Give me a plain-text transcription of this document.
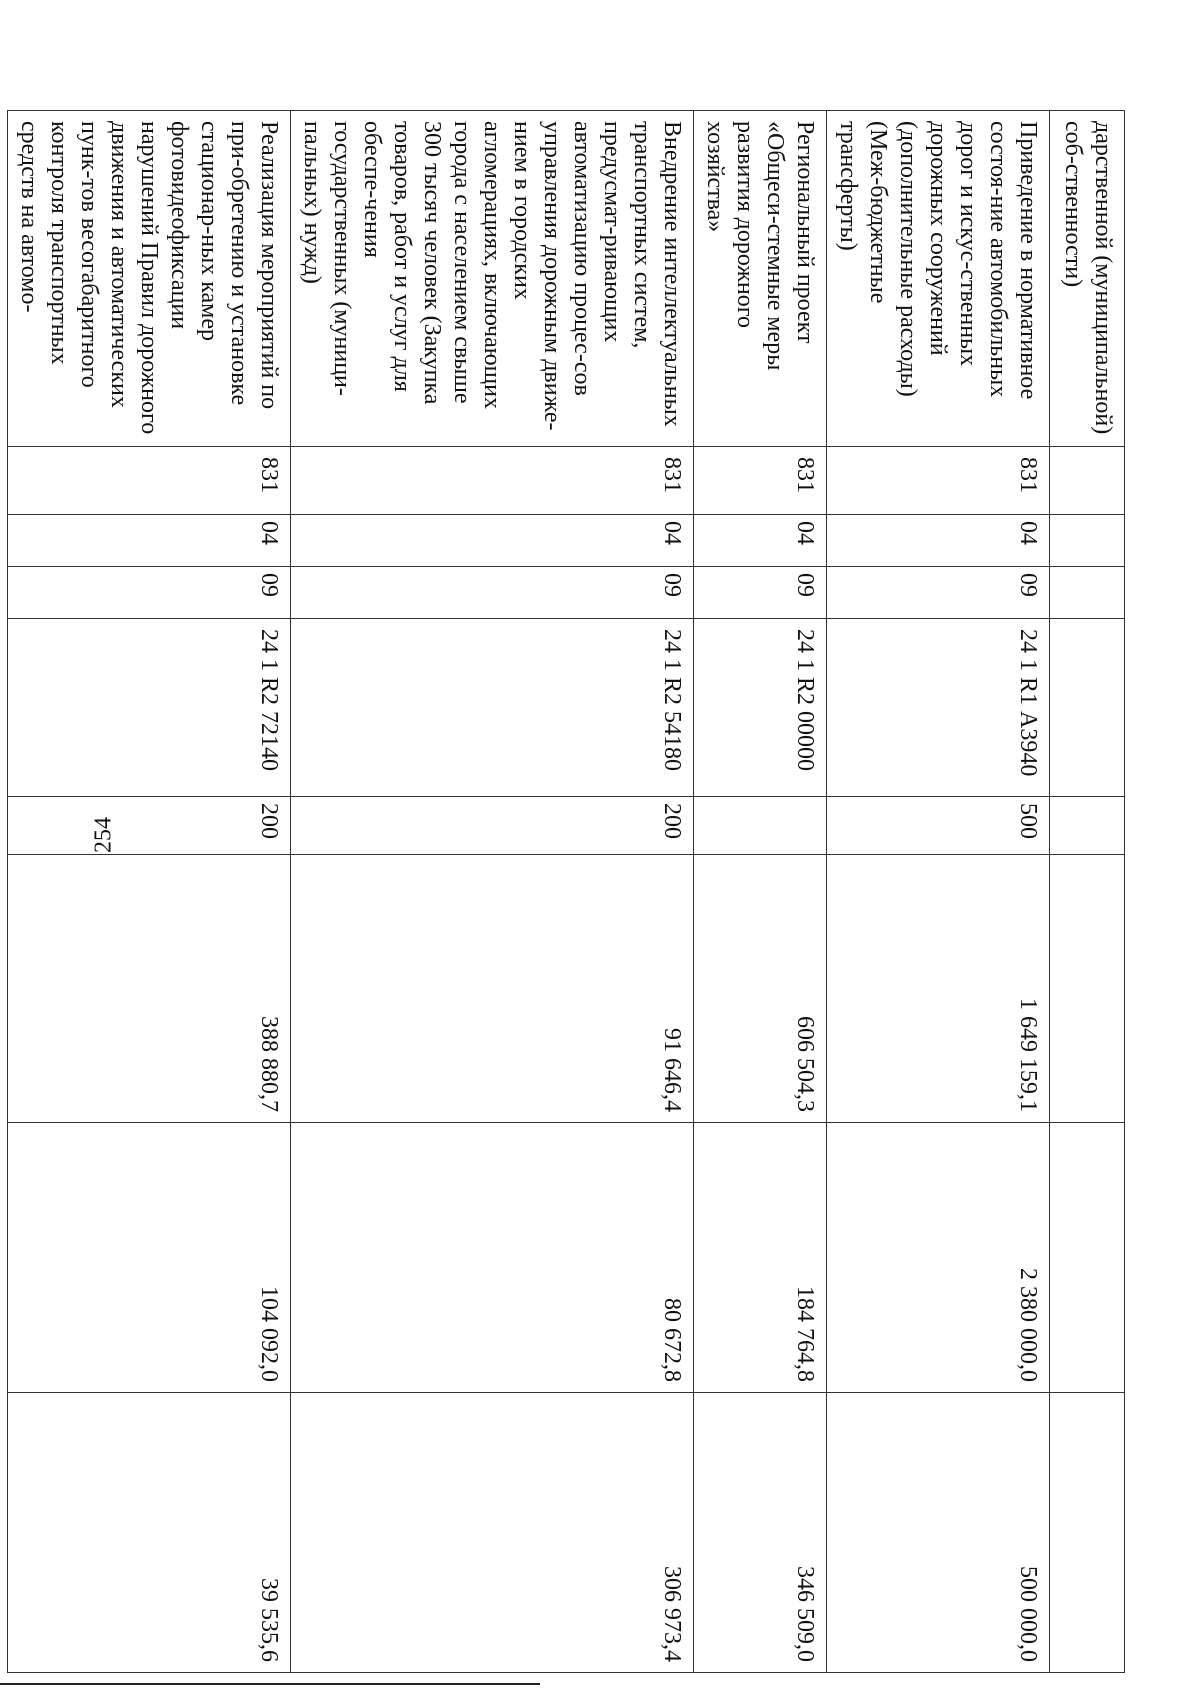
254
дарственной (муниципальной) соб-ственности)								
Приведение в нормативное состоя-ние автомобильных дорог и искус-ственных дорожных сооружений (дополнительные расходы) (Меж-бюджетные трансферты)	831	04	09	24 1 R1 А3940	500	1 649 159,1	2 380 000,0	500 000,0
Региональный проект «Общеси-стемные меры развития дорожного хозяйства»	831	04	09	24 1 R2 00000		606 504,3	184 764,8	346 509,0
Внедрение интеллектуальных транспортных систем, предусмат-ривающих автоматизацию процес-сов управления дорожным движе-нием в городских агломерациях, включающих города с населением свыше 300 тысяч человек (Закупка товаров, работ и услуг для обеспе-чения государственных (муници-пальных) нужд)	831	04	09	24 1 R2 54180	200	91 646,4	80 672,8	306 973,4
Реализация мероприятий по при-обретению и установке стационар-ных камер фотовидеофиксации нарушений Правил дорожного движения и автоматических пунк-тов весогабаритного контроля транспортных средств на автомо-	831	04	09	24 1 R2 72140	200	388 880,7	104 092,0	39 535,6
